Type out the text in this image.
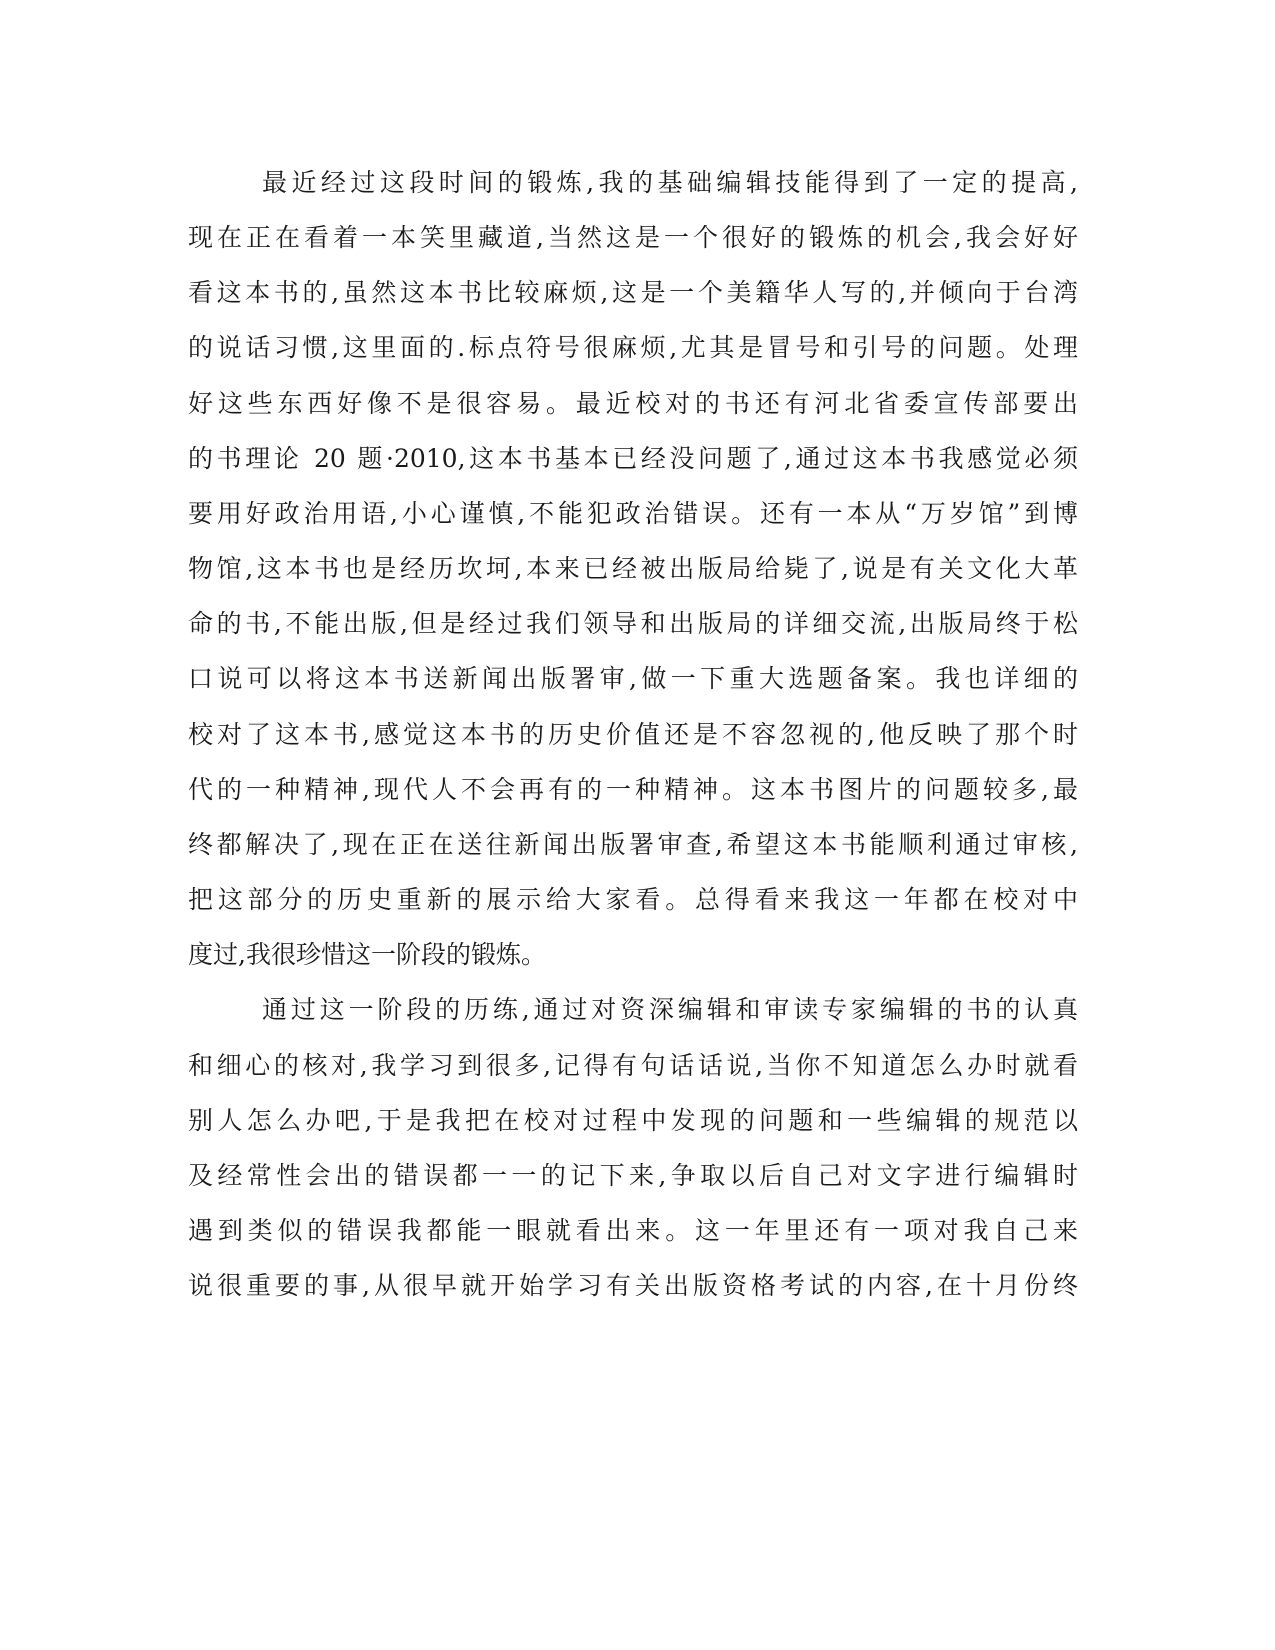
最近经过这段时间的锻炼,我的基础编辑技能得到了一定的提高,
现在正在看着一本笑里藏道,当然这是一个很好的锻炼的机会,我会好好
看这本书的,虽然这本书比较麻烦,这是一个美籍华人写的,并倾向于台湾
的说话习惯,这里面的.标点符号很麻烦,尤其是冒号和引号的问题。处理
好这些东西好像不是很容易。最近校对的书还有河北省委宣传部要出
的书理论 20 题·2010,这本书基本已经没问题了,通过这本书我感觉必须
要用好政治用语,小心谨慎,不能犯政治错误。还有一本从“万岁馆”到博
物馆,这本书也是经历坎坷,本来已经被出版局给毙了,说是有关文化大革
命的书,不能出版,但是经过我们领导和出版局的详细交流,出版局终于松
口说可以将这本书送新闻出版署审,做一下重大选题备案。我也详细的
校对了这本书,感觉这本书的历史价值还是不容忽视的,他反映了那个时
代的一种精神,现代人不会再有的一种精神。这本书图片的问题较多,最
终都解决了,现在正在送往新闻出版署审查,希望这本书能顺利通过审核,
把这部分的历史重新的展示给大家看。总得看来我这一年都在校对中
度过,我很珍惜这一阶段的锻炼。
通过这一阶段的历练,通过对资深编辑和审读专家编辑的书的认真
和细心的核对,我学习到很多,记得有句话话说,当你不知道怎么办时就看
别人怎么办吧,于是我把在校对过程中发现的问题和一些编辑的规范以
及经常性会出的错误都一一的记下来,争取以后自己对文字进行编辑时
遇到类似的错误我都能一眼就看出来。这一年里还有一项对我自己来
说很重要的事,从很早就开始学习有关出版资格考试的内容,在十月份终
